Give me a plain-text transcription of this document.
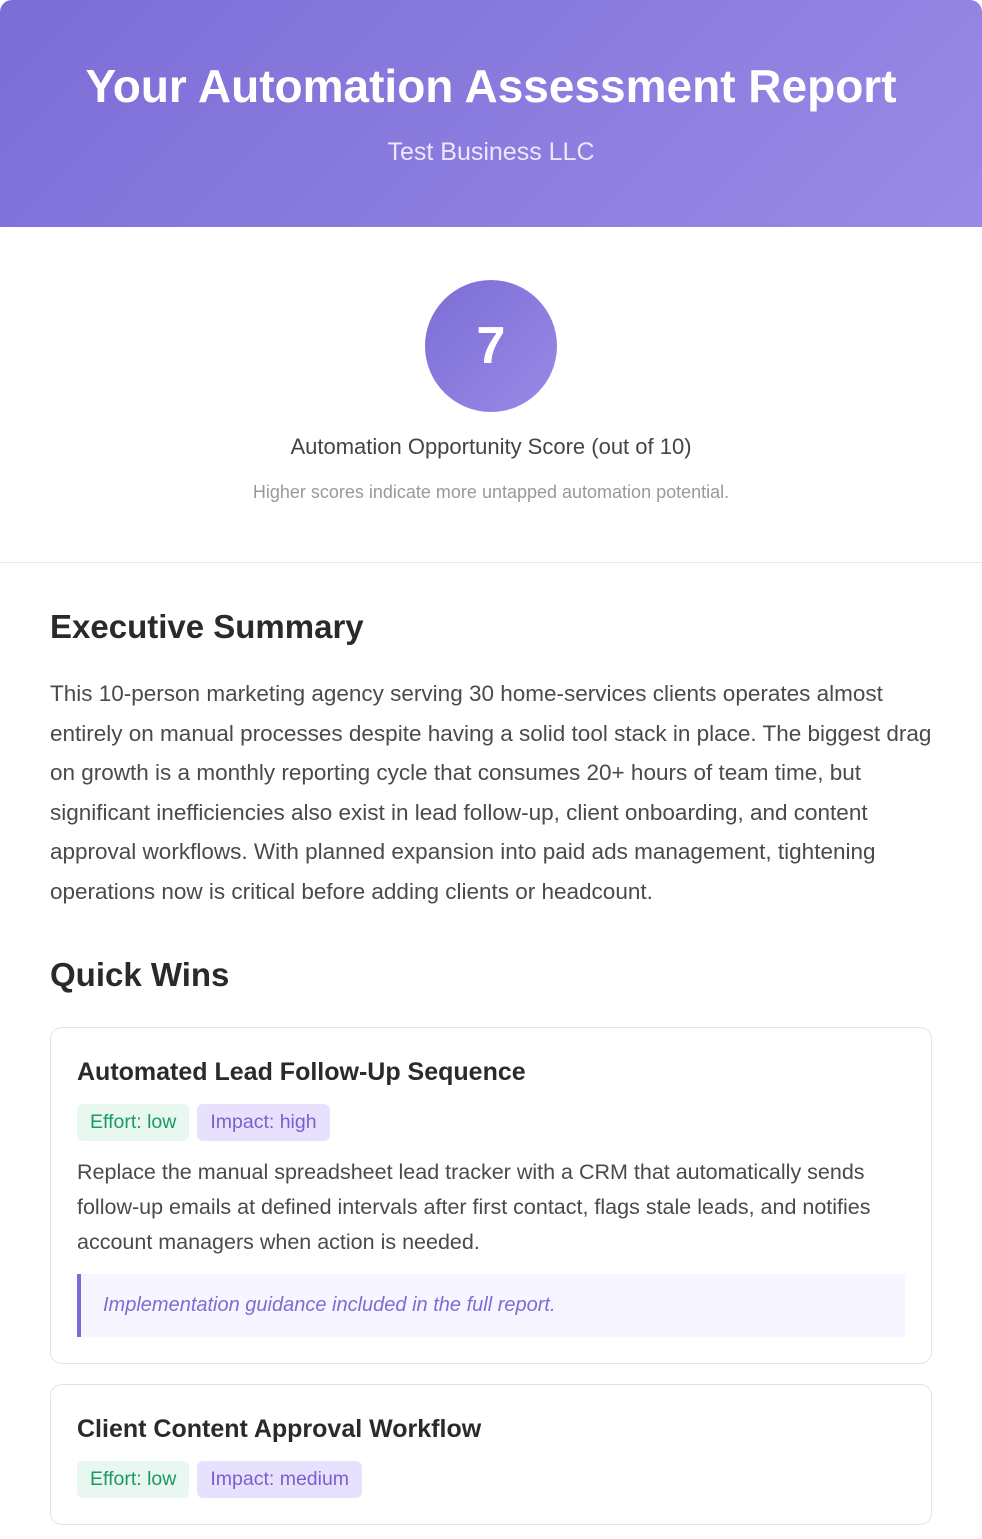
Your Automation Assessment Report
Test Business LLC
7
Automation Opportunity Score (out of 10)
Higher scores indicate more untapped automation potential.
Executive Summary

This 10-person marketing agency serving 30 home-services clients operates almost entirely on manual processes despite having a solid tool stack in place. The biggest drag on growth is a monthly reporting cycle that consumes 20+ hours of team time, but significant inefficiencies also exist in lead follow-up, client onboarding, and content approval workflows. With planned expansion into paid ads management, tightening operations now is critical before adding clients or headcount.

Quick Wins
Automated Lead Follow-Up Sequence
Effort: low	Impact: high

Replace the manual spreadsheet lead tracker with a CRM that automatically sends follow-up emails at defined intervals after first contact, flags stale leads, and notifies account managers when action is needed.

Implementation guidance included in the full report.
Client Content Approval Workflow
Effort: low	Impact: medium
